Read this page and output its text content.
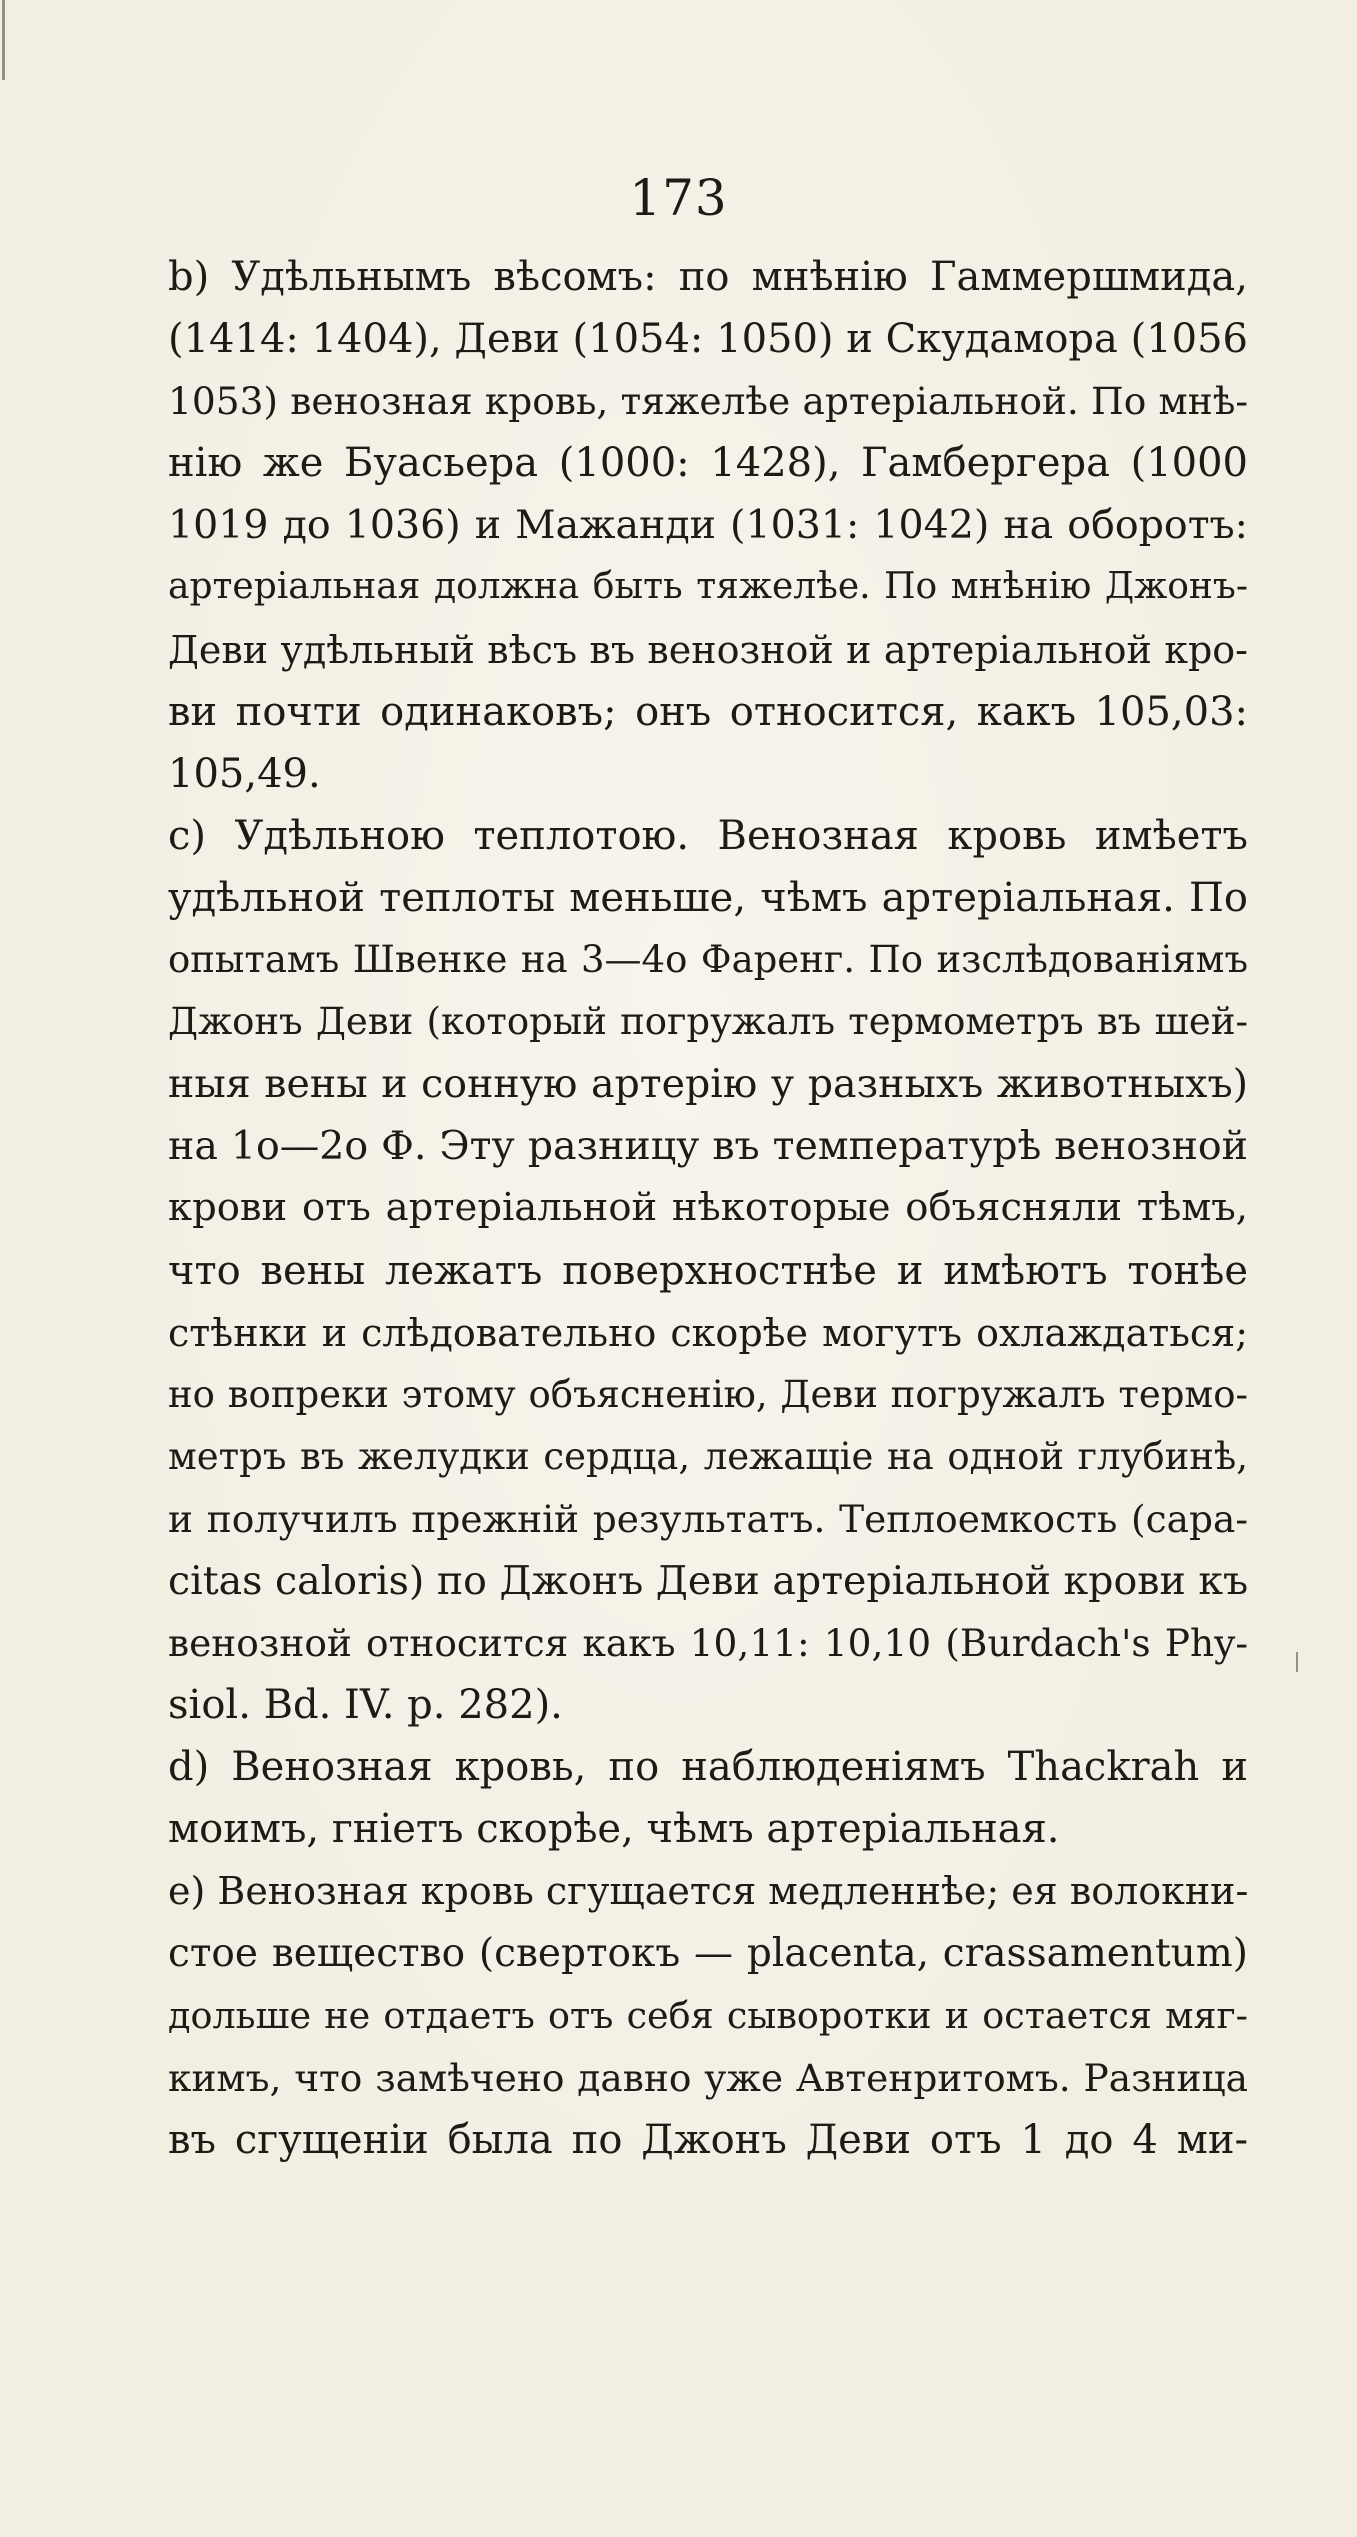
173
b) Удѣльнымъ вѣсомъ: по мнѣнію Гаммершмида,
(1414: 1404), Деви (1054: 1050) и Скудамора (1056
1053) венозная кровь, тяжелѣе артеріальной. По мнѣ-
нію же Буасьера (1000: 1428), Гамбергера (1000
1019 до 1036) и Мажанди (1031: 1042) на оборотъ:
артеріальная должна быть тяжелѣе. По мнѣнію Джонъ-
Деви удѣльный вѣсъ въ венозной и артеріальной кро-
ви почти одинаковъ; онъ относится, какъ 105,03:
105,49.
c) Удѣльною теплотою. Венозная кровь имѣетъ
удѣльной теплоты меньше, чѣмъ артеріальная. По
опытамъ Швенке на 3—4о Фаренг. По изслѣдованіямъ
Джонъ Деви (который погружалъ термометръ въ шей-
ныя вены и сонную артерію у разныхъ животныхъ)
на 1о—2о Ф. Эту разницу въ температурѣ венозной
крови отъ артеріальной нѣкоторые объясняли тѣмъ,
что вены лежатъ поверхностнѣе и имѣютъ тонѣе
стѣнки и слѣдовательно скорѣе могутъ охлаждаться;
но вопреки этому объясненію, Деви погружалъ термо-
метръ въ желудки сердца, лежащіе на одной глубинѣ,
и получилъ прежній результатъ. Теплоемкость (capa-
citas caloris) по Джонъ Деви артеріальной крови къ
венозной относится какъ 10,11: 10,10 (Burdach's Phy-
siol. Bd. IV. p. 282).
d) Венозная кровь, по наблюденіямъ Thackrah и
моимъ, гніетъ скорѣе, чѣмъ артеріальная.
e) Венозная кровь сгущается медленнѣе; ея волокни-
стое вещество (свертокъ — placenta, crassamentum)
дольше не отдаетъ отъ себя сыворотки и остается мяг-
кимъ, что замѣчено давно уже Автенритомъ. Разница
въ сгущеніи была по Джонъ Деви отъ 1 до 4 ми-
